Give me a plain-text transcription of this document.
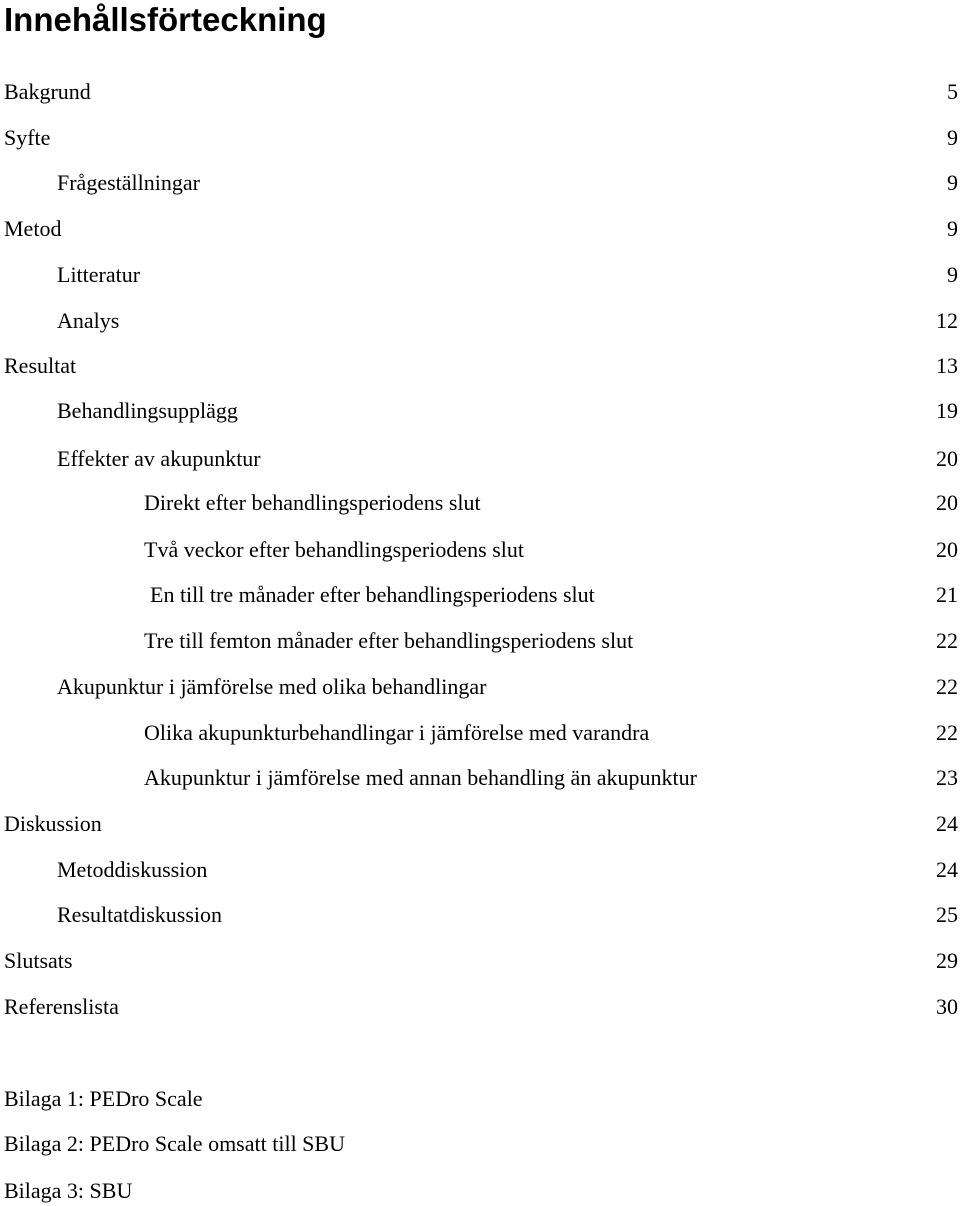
Innehållsförteckning
Bakgrund	5
Syfte	9
Frågeställningar	9
Metod	9
Litteratur	9
Analys	12
Resultat	13
Behandlingsupplägg	19
Effekter av akupunktur	20
Direkt efter behandlingsperiodens slut	20
Två veckor efter behandlingsperiodens slut	20
En till tre månader efter behandlingsperiodens slut	21
Tre till femton månader efter behandlingsperiodens slut	22
Akupunktur i jämförelse med olika behandlingar	22
Olika akupunkturbehandlingar i jämförelse med varandra	22
Akupunktur i jämförelse med annan behandling än akupunktur	23
Diskussion	24
Metoddiskussion	24
Resultatdiskussion	25
Slutsats	29
Referenslista	30
Bilaga 1: PEDro Scale
Bilaga 2: PEDro Scale omsatt till SBU
Bilaga 3: SBU
